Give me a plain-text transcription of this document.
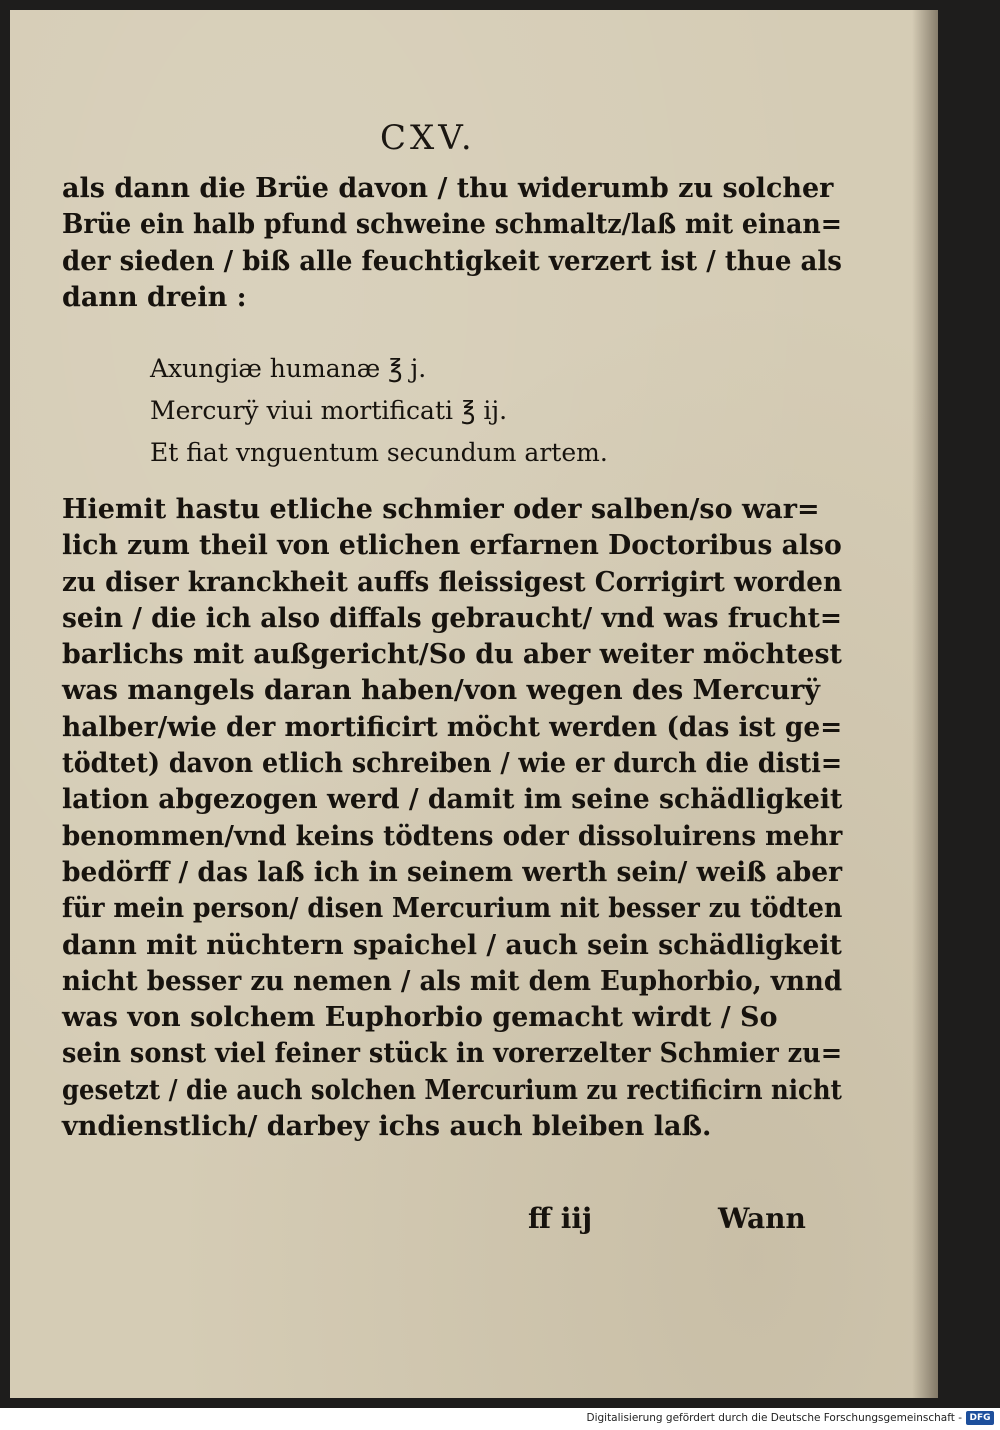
CXV.
als dann die Brüe davon / thu widerumb zu solcher
Brüe ein halb pfund schweine schmaltz/laß mit einan=
der sieden / biß alle feuchtigkeit verzert ist / thue als
dann drein :
Axungiæ humanæ ℥ j.
Mercurÿ viui mortificati ℥ ij.
Et fiat vnguentum secundum artem.
Hiemit hastu etliche schmier oder salben/so war=
lich zum theil von etlichen erfarnen Doctoribus also
zu diser kranckheit auffs fleissigest Corrigirt worden
sein / die ich also diffals gebraucht/ vnd was frucht=
barlichs mit außgericht/So du aber weiter möchtest
was mangels daran haben/von wegen des Mercurÿ
halber/wie der mortificirt möcht werden (das ist ge=
tödtet) davon etlich schreiben / wie er durch die disti=
lation abgezogen werd / damit im seine schädligkeit
benommen/vnd keins tödtens oder dissoluirens mehr
bedörff / das laß ich in seinem werth sein/ weiß aber
für mein person/ disen Mercurium nit besser zu tödten
dann mit nüchtern spaichel / auch sein schädligkeit
nicht besser zu nemen / als mit dem Euphorbio, vnnd
was von solchem Euphorbio gemacht wirdt / So
sein sonst viel feiner stück in vorerzelter Schmier zu=
gesetzt / die auch solchen Mercurium zu rectificirn nicht
vndienstlich/ darbey ichs auch bleiben laß.
ff iij	Wann
Digitalisierung gefördert durch die Deutsche Forschungsgemeinschaft - DFG
